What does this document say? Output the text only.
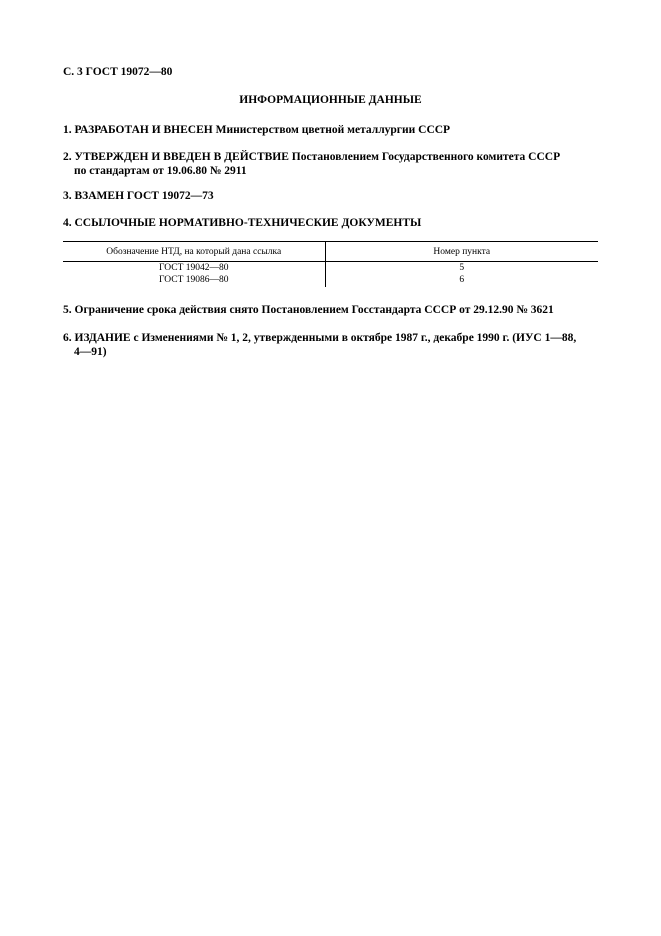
С. 3 ГОСТ 19072—80
ИНФОРМАЦИОННЫЕ ДАННЫЕ
1. РАЗРАБОТАН И ВНЕСЕН Министерством цветной металлургии СССР
2. УТВЕРЖДЕН И ВВЕДЕН В ДЕЙСТВИЕ Постановлением Государственного комитета СССР
по стандартам от 19.06.80 № 2911
3. ВЗАМЕН ГОСТ 19072—73
4. ССЫЛОЧНЫЕ НОРМАТИВНО-ТЕХНИЧЕСКИЕ ДОКУМЕНТЫ
Обозначение НТД, на который дана ссылка	Номер пункта
ГОСТ 19042—80	5
ГОСТ 19086—80	6
5. Ограничение срока действия снято Постановлением Госстандарта СССР от 29.12.90 № 3621
6. ИЗДАНИЕ с Изменениями № 1, 2, утвержденными в октябре 1987 г., декабре 1990 г. (ИУС 1—88,
4—91)
